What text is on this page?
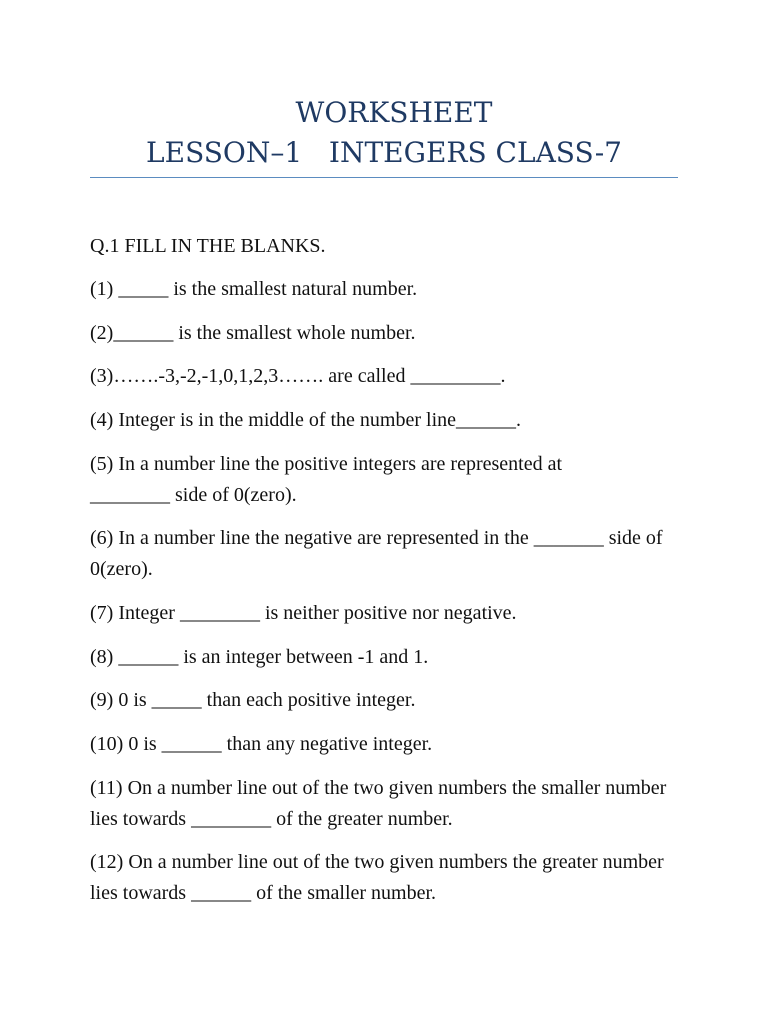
WORKSHEET
LESSON–1   INTEGERS CLASS-7
Q.1 FILL IN THE BLANKS.
(1) _____ is the smallest natural number.
(2)______ is the smallest whole number.
(3)…….-3,-2,-1,0,1,2,3……. are called _________.
(4) Integer is in the middle of the number line______.
(5) In a number line the positive integers are represented at ________ side of 0(zero).
(6) In a number line the negative are represented in the _______ side of 0(zero).
(7) Integer ________ is neither positive nor negative.
(8) ______ is an integer between -1 and 1.
(9) 0 is _____ than each positive integer.
(10) 0 is ______ than any negative integer.
(11) On a number line out of the two given numbers the smaller number lies towards ________ of the greater number.
(12) On a number line out of the two given numbers the greater number lies towards ______ of the smaller number.
